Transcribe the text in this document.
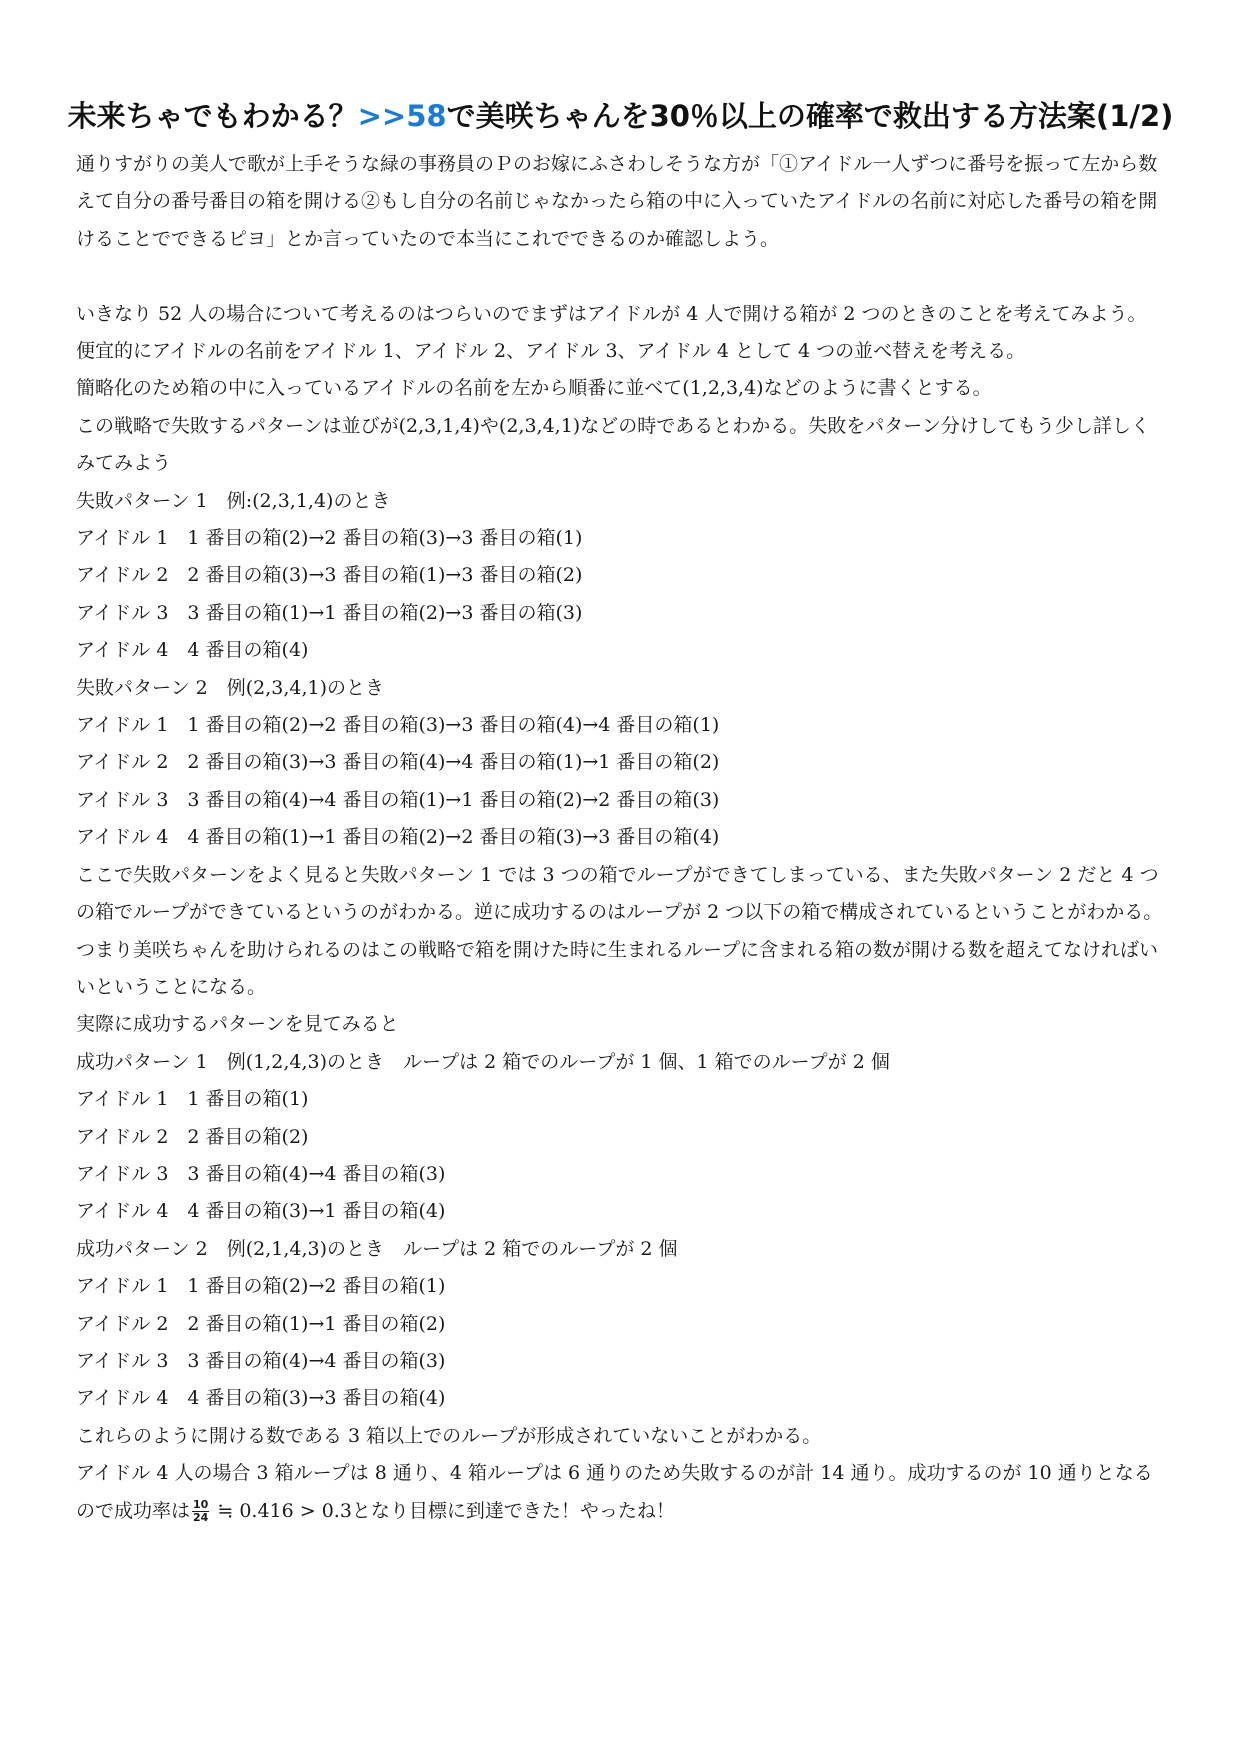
未来ちゃでもわかる？>>58で美咲ちゃんを30％以上の確率で救出する方法案(1/2)

通りすがりの美人で歌が上手そうな緑の事務員のＰのお嫁にふさわしそうな方が「①アイドル一人ずつに番号を振って左から数えて自分の番号番目の箱を開ける②もし自分の名前じゃなかったら箱の中に入っていたアイドルの名前に対応した番号の箱を開けることでできるピヨ」とか言っていたので本当にこれでできるのか確認しよう。

いきなり 52 人の場合について考えるのはつらいのでまずはアイドルが 4 人で開ける箱が 2 つのときのことを考えてみよう。

便宜的にアイドルの名前をアイドル 1、アイドル 2、アイドル 3、アイドル 4 として 4 つの並べ替えを考える。

簡略化のため箱の中に入っているアイドルの名前を左から順番に並べて(1,2,3,4)などのように書くとする。

この戦略で失敗するパターンは並びが(2,3,1,4)や(2,3,4,1)などの時であるとわかる。失敗をパターン分けしてもう少し詳しくみてみよう

失敗パターン 1　例:(2,3,1,4)のとき

アイドル 1　1 番目の箱(2)→2 番目の箱(3)→3 番目の箱(1)

アイドル 2　2 番目の箱(3)→3 番目の箱(1)→3 番目の箱(2)

アイドル 3　3 番目の箱(1)→1 番目の箱(2)→3 番目の箱(3)

アイドル 4　4 番目の箱(4)

失敗パターン 2　例(2,3,4,1)のとき

アイドル 1　1 番目の箱(2)→2 番目の箱(3)→3 番目の箱(4)→4 番目の箱(1)

アイドル 2　2 番目の箱(3)→3 番目の箱(4)→4 番目の箱(1)→1 番目の箱(2)

アイドル 3　3 番目の箱(4)→4 番目の箱(1)→1 番目の箱(2)→2 番目の箱(3)

アイドル 4　4 番目の箱(1)→1 番目の箱(2)→2 番目の箱(3)→3 番目の箱(4)

ここで失敗パターンをよく見ると失敗パターン 1 では 3 つの箱でループができてしまっている、また失敗パターン 2 だと 4 つの箱でループができているというのがわかる。逆に成功するのはループが 2 つ以下の箱で構成されているということがわかる。

つまり美咲ちゃんを助けられるのはこの戦略で箱を開けた時に生まれるループに含まれる箱の数が開ける数を超えてなければいいということになる。

実際に成功するパターンを見てみると

成功パターン 1　例(1,2,4,3)のとき　ループは 2 箱でのループが 1 個、1 箱でのループが 2 個

アイドル 1　1 番目の箱(1)

アイドル 2　2 番目の箱(2)

アイドル 3　3 番目の箱(4)→4 番目の箱(3)

アイドル 4　4 番目の箱(3)→1 番目の箱(4)

成功パターン 2　例(2,1,4,3)のとき　ループは 2 箱でのループが 2 個

アイドル 1　1 番目の箱(2)→2 番目の箱(1)

アイドル 2　2 番目の箱(1)→1 番目の箱(2)

アイドル 3　3 番目の箱(4)→4 番目の箱(3)

アイドル 4　4 番目の箱(3)→3 番目の箱(4)

これらのように開ける数である 3 箱以上でのループが形成されていないことがわかる。

アイドル 4 人の場合 3 箱ループは 8 通り、4 箱ループは 6 通りのため失敗するのが計 14 通り。成功するのが 10 通りとなるので成功率は $\frac{10}{24}$ ≒ 0.416 > 0.3となり目標に到達できた！やったね！
